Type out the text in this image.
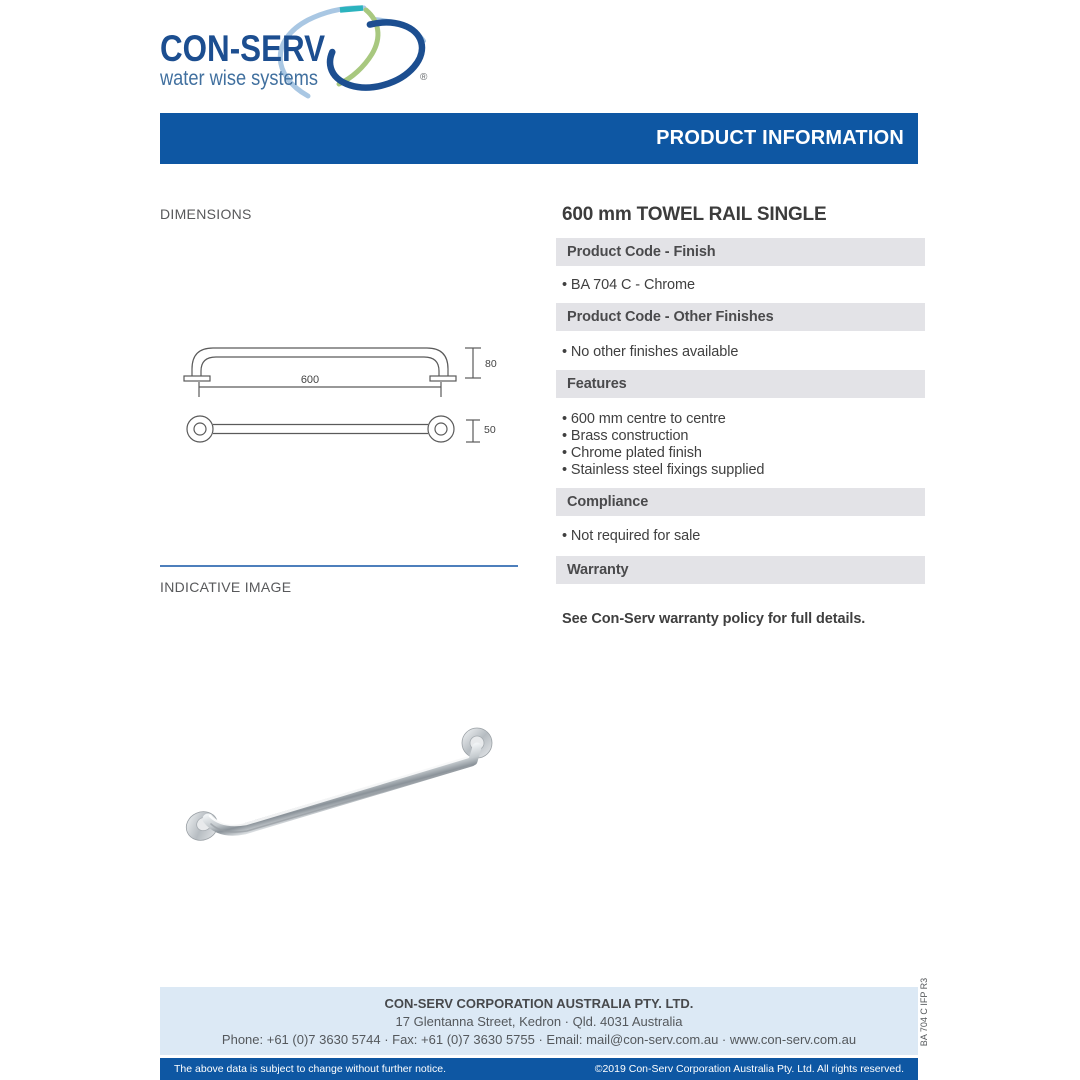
CON-SERV
water wise systems	®
PRODUCT INFORMATION
DIMENSIONS
600
80
50
INDICATIVE IMAGE
600 mm TOWEL RAIL SINGLE
Product Code - Finish
• BA 704 C - Chrome
Product Code - Other Finishes
• No other finishes available
Features
• 600 mm centre to centre
• Brass construction
• Chrome plated finish
• Stainless steel fixings supplied
Compliance
• Not required for sale
Warranty
See Con-Serv warranty policy for full details.
CON-SERV CORPORATION AUSTRALIA PTY. LTD.
17 Glentanna Street, Kedron · Qld. 4031 Australia
Phone: +61 (0)7 3630 5744 · Fax: +61 (0)7 3630 5755 · Email: mail@con-serv.com.au · www.con-serv.com.au
The above data is subject to change without further notice.	©2019 Con-Serv Corporation Australia Pty. Ltd. All rights reserved.
BA 704 C IFP R3
